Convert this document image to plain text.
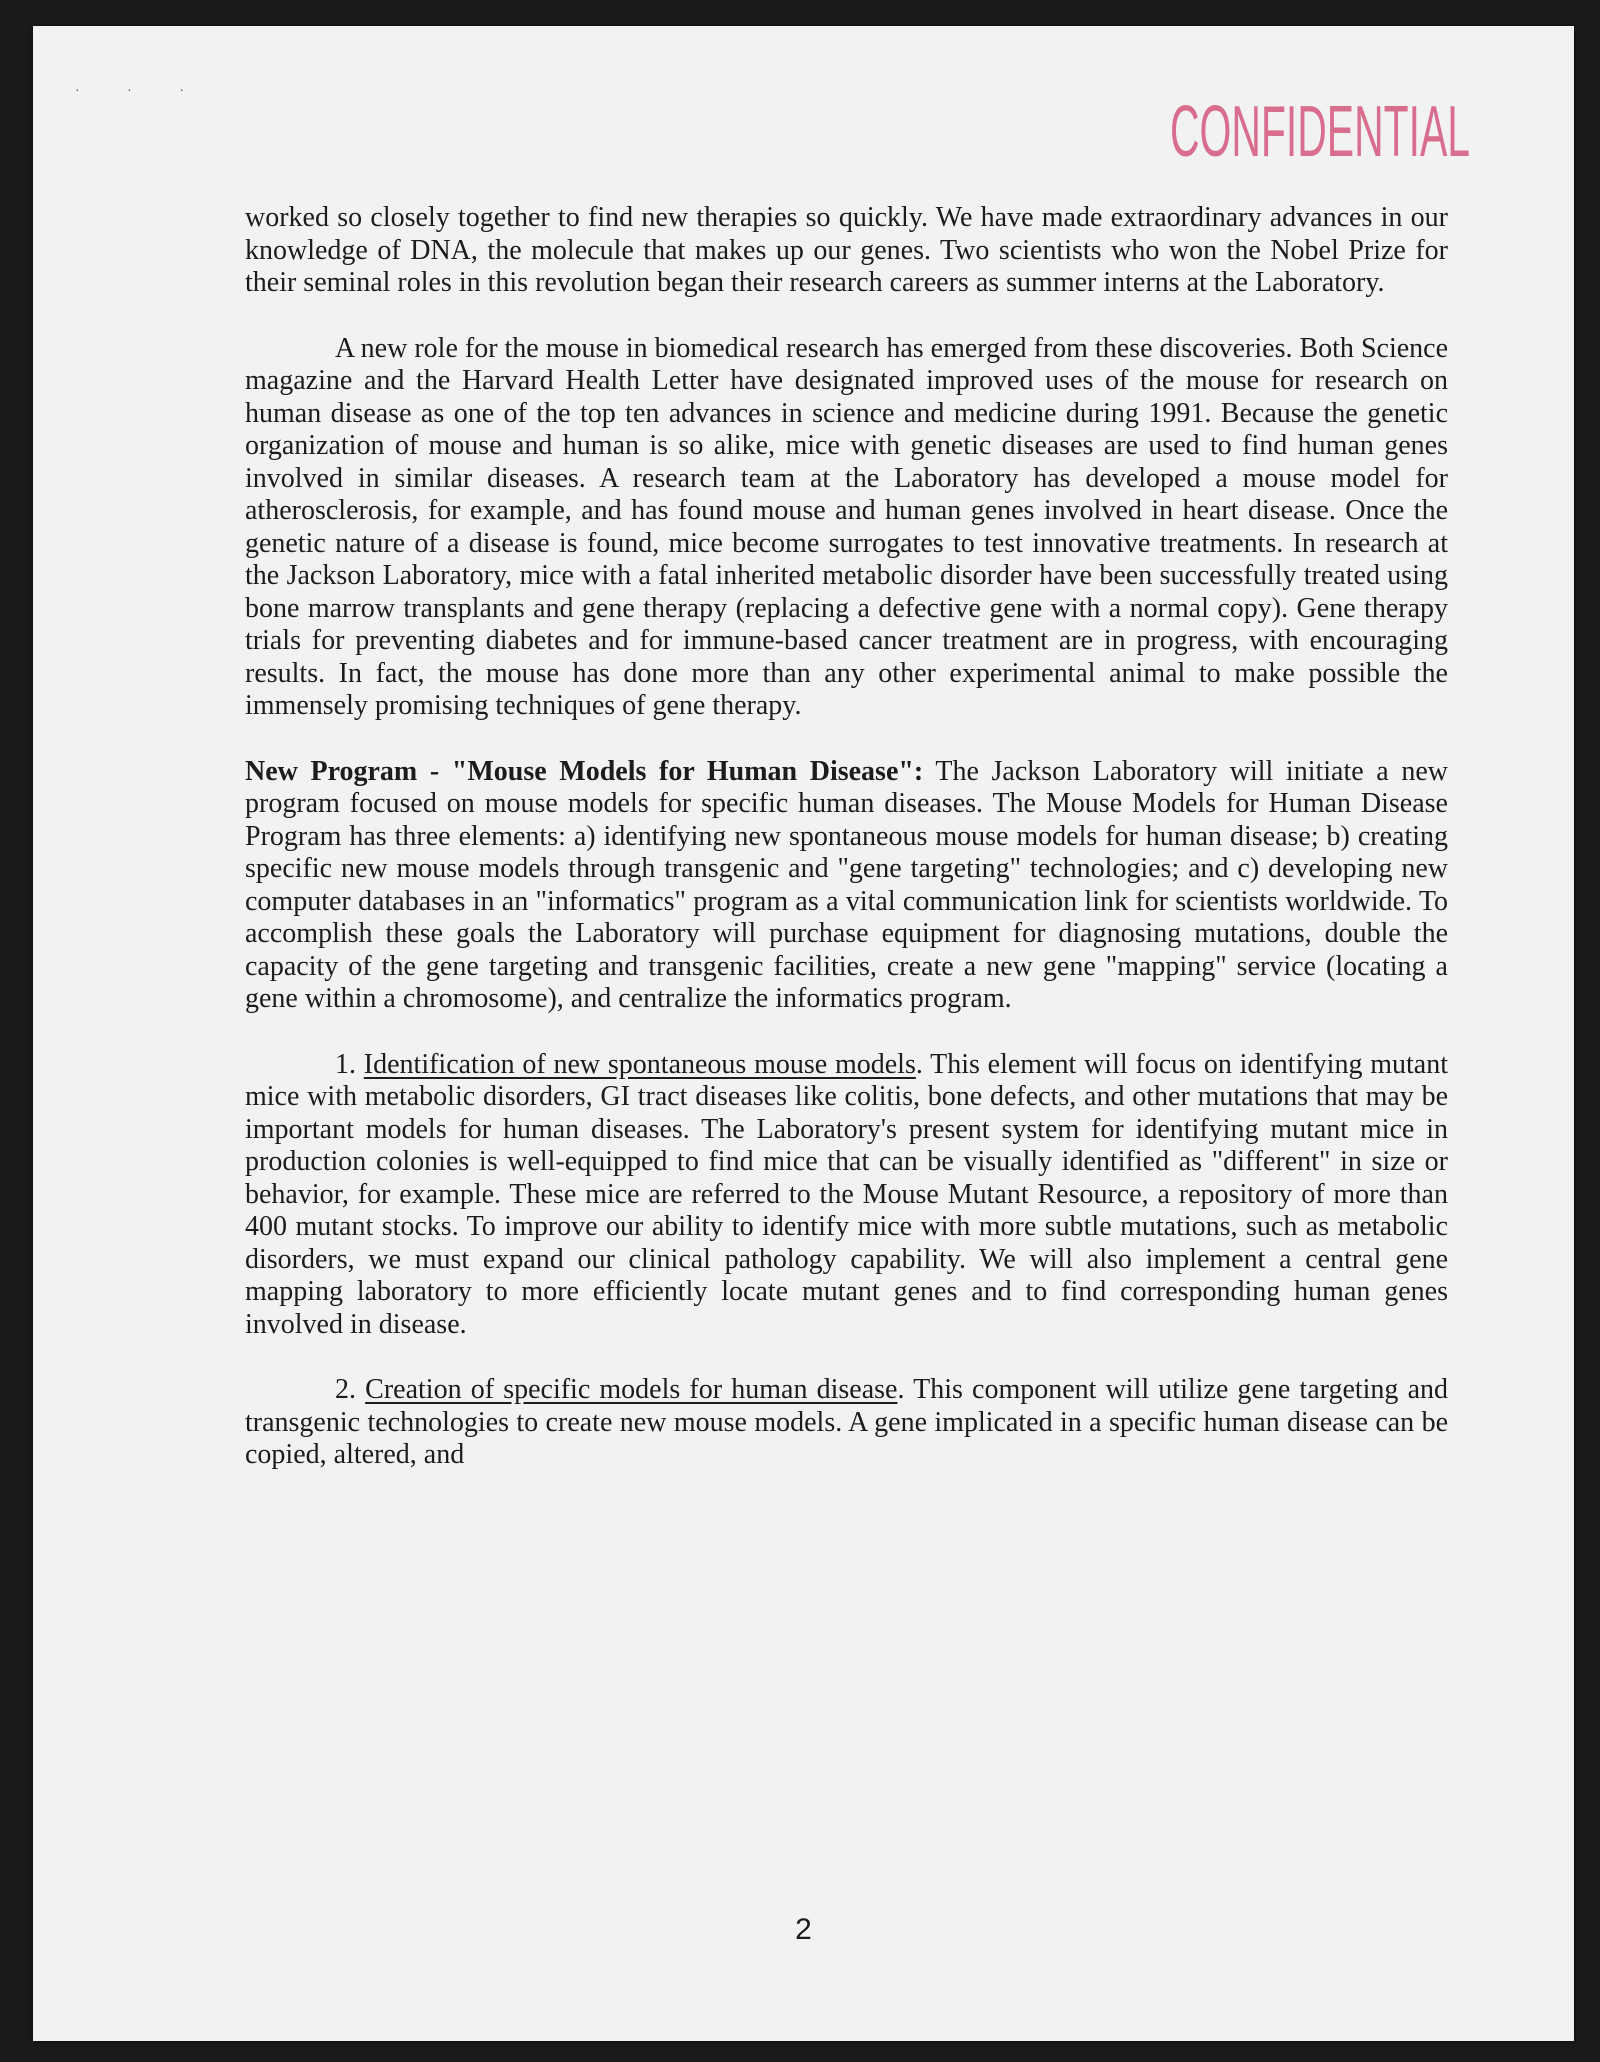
· · ·
CONFIDENTIAL

worked so closely together to find new therapies so quickly. We have made extraordinary advances in our knowledge of DNA, the molecule that makes up our genes. Two scientists who won the Nobel Prize for their seminal roles in this revolution began their research careers as summer interns at the Laboratory.

A new role for the mouse in biomedical research has emerged from these discoveries. Both Science magazine and the Harvard Health Letter have designated improved uses of the mouse for research on human disease as one of the top ten advances in science and medicine during 1991. Because the genetic organization of mouse and human is so alike, mice with genetic diseases are used to find human genes involved in similar diseases. A research team at the Laboratory has developed a mouse model for atherosclerosis, for example, and has found mouse and human genes involved in heart disease. Once the genetic nature of a disease is found, mice become surrogates to test innovative treatments. In research at the Jackson Laboratory, mice with a fatal inherited metabolic disorder have been successfully treated using bone marrow transplants and gene therapy (replacing a defective gene with a normal copy). Gene therapy trials for preventing diabetes and for immune-based cancer treatment are in progress, with encouraging results. In fact, the mouse has done more than any other experimental animal to make possible the immensely promising techniques of gene therapy.

New Program - "Mouse Models for Human Disease": The Jackson Laboratory will initiate a new program focused on mouse models for specific human diseases. The Mouse Models for Human Disease Program has three elements: a) identifying new spontaneous mouse models for human disease; b) creating specific new mouse models through transgenic and "gene targeting" technologies; and c) developing new computer databases in an "informatics" program as a vital communication link for scientists worldwide. To accomplish these goals the Laboratory will purchase equipment for diagnosing mutations, double the capacity of the gene targeting and transgenic facilities, create a new gene "mapping" service (locating a gene within a chromosome), and centralize the informatics program.

1. Identification of new spontaneous mouse models. This element will focus on identifying mutant mice with metabolic disorders, GI tract diseases like colitis, bone defects, and other mutations that may be important models for human diseases. The Laboratory's present system for identifying mutant mice in production colonies is well-equipped to find mice that can be visually identified as "different" in size or behavior, for example. These mice are referred to the Mouse Mutant Resource, a repository of more than 400 mutant stocks. To improve our ability to identify mice with more subtle mutations, such as metabolic disorders, we must expand our clinical pathology capability. We will also implement a central gene mapping laboratory to more efficiently locate mutant genes and to find corresponding human genes involved in disease.

2. Creation of specific models for human disease. This component will utilize gene targeting and transgenic technologies to create new mouse models. A gene implicated in a specific human disease can be copied, altered, and

2
